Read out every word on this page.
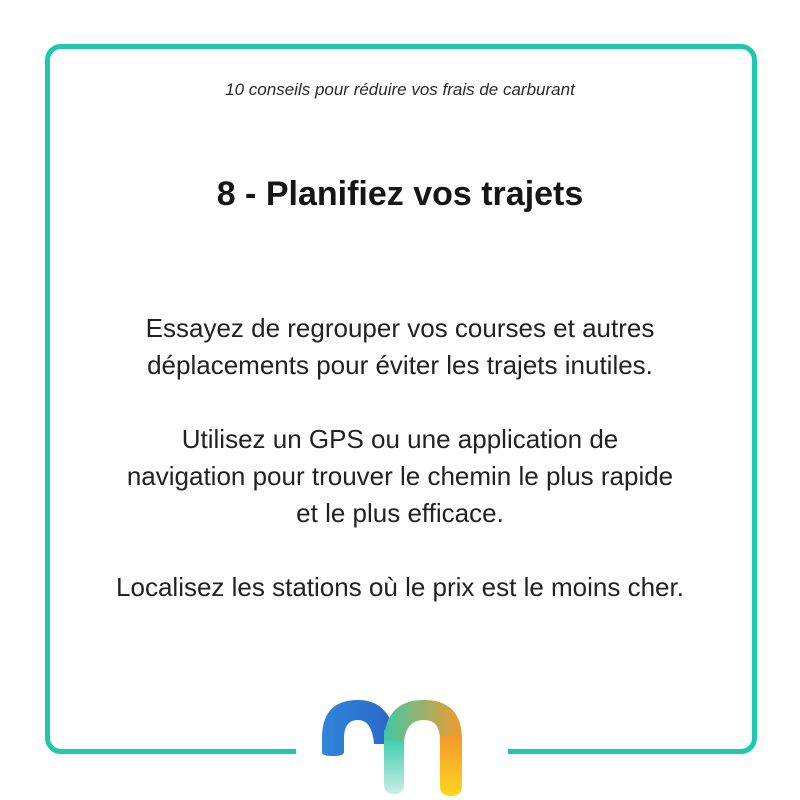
10 conseils pour réduire vos frais de carburant
8 - Planifiez vos trajets

Essayez de regrouper vos courses et autres
déplacements pour éviter les trajets inutiles.

Utilisez un GPS ou une application de
navigation pour trouver le chemin le plus rapide
et le plus efficace.

Localisez les stations où le prix est le moins cher.
